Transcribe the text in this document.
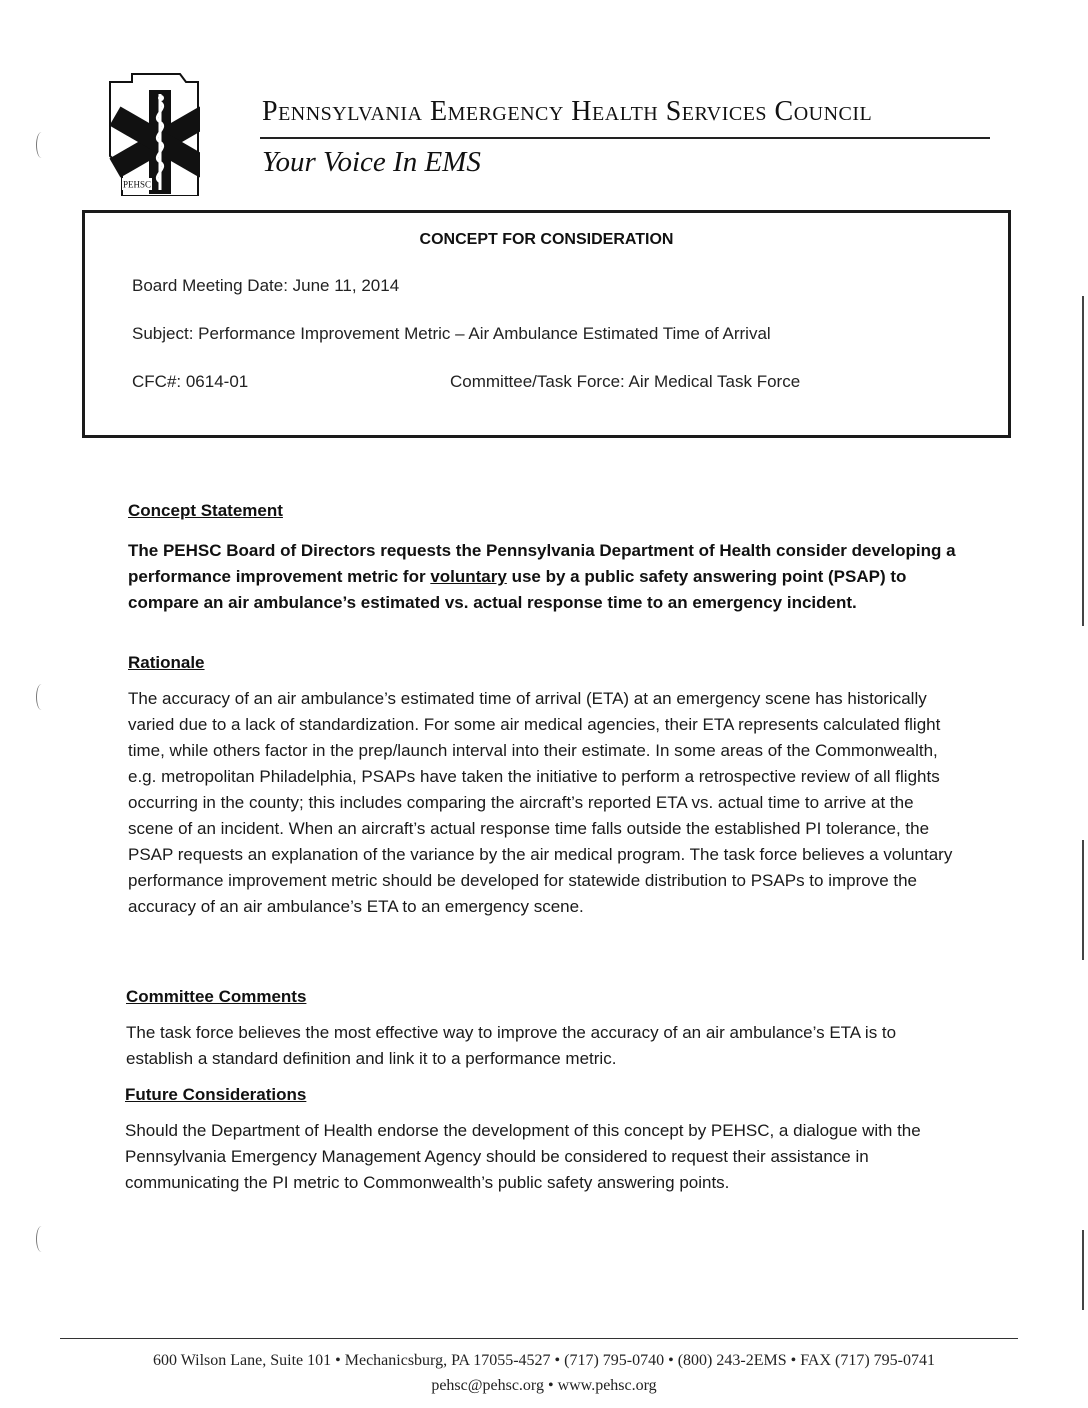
PEHSC
Pennsylvania Emergency Health Services Council
Your Voice In EMS
CONCEPT FOR CONSIDERATION
Board Meeting Date: June 11, 2014
Subject: Performance Improvement Metric – Air Ambulance Estimated Time of Arrival
CFC#: 0614-01	Committee/Task Force: Air Medical Task Force

Concept Statement

The PEHSC Board of Directors requests the Pennsylvania Department of Health consider developing a performance improvement metric for voluntary use by a public safety answering point (PSAP) to compare an air ambulance’s estimated vs. actual response time to an emergency incident.

Rationale

The accuracy of an air ambulance’s estimated time of arrival (ETA) at an emergency scene has historically varied due to a lack of standardization. For some air medical agencies, their ETA represents calculated flight time, while others factor in the prep/launch interval into their estimate. In some areas of the Commonwealth, e.g. metropolitan Philadelphia, PSAPs have taken the initiative to perform a retrospective review of all flights occurring in the county; this includes comparing the aircraft’s reported ETA vs. actual time to arrive at the scene of an incident. When an aircraft’s actual response time falls outside the established PI tolerance, the PSAP requests an explanation of the variance by the air medical program. The task force believes a voluntary performance improvement metric should be developed for statewide distribution to PSAPs to improve the accuracy of an air ambulance’s ETA to an emergency scene.

Committee Comments

The task force believes the most effective way to improve the accuracy of an air ambulance’s ETA is to establish a standard definition and link it to a performance metric.

Future Considerations

Should the Department of Health endorse the development of this concept by PEHSC, a dialogue with the Pennsylvania Emergency Management Agency should be considered to request their assistance in communicating the PI metric to Commonwealth’s public safety answering points.

600 Wilson Lane, Suite 101 • Mechanicsburg, PA 17055-4527 • (717) 795-0740 • (800) 243-2EMS • FAX (717) 795-0741
pehsc@pehsc.org • www.pehsc.org
